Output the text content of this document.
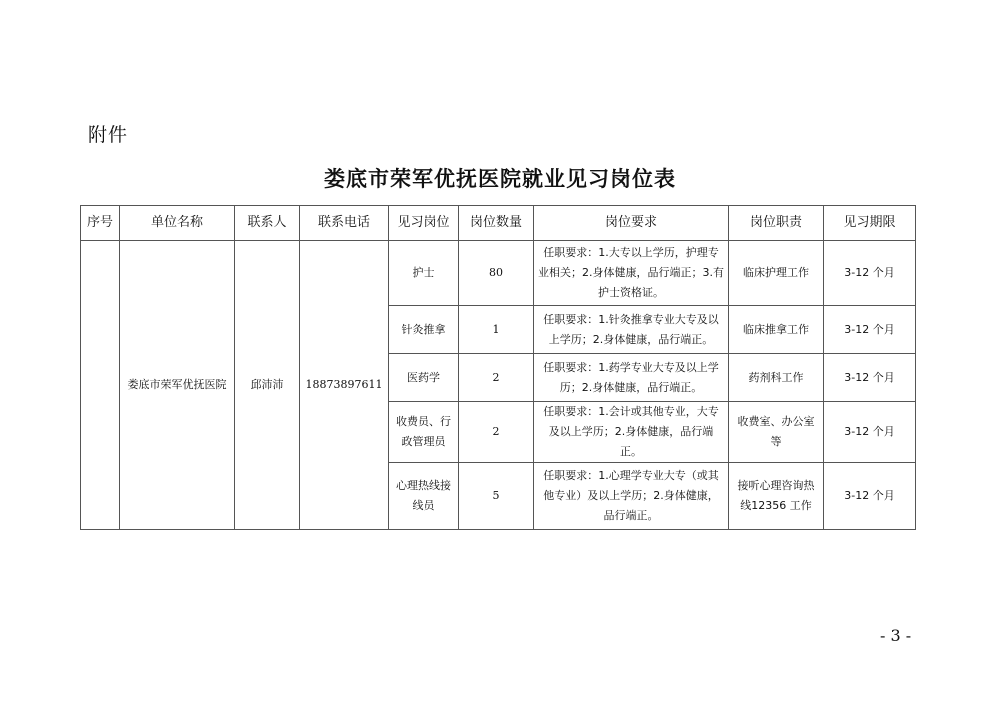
附件
娄底市荣军优抚医院就业见习岗位表
序号	单位名称	联系人	联系电话	见习岗位	岗位数量	岗位要求	岗位职责	见习期限
	娄底市荣军优抚医院	邱沛沛	18873897611	护士	80	任职要求：1.大专以上学历，护理专业相关；2.身体健康，品行端正；3.有护士资格证。	临床护理工作	3-12 个月
				针灸推拿	1	任职要求：1.针灸推拿专业大专及以上学历；2.身体健康，品行端正。	临床推拿工作	3-12 个月
				医药学	2	任职要求：1.药学专业大专及以上学历；2.身体健康，品行端正。	药剂科工作	3-12 个月
				收费员、行政管理员	2	任职要求：1.会计或其他专业，大专及以上学历；2.身体健康，品行端正。	收费室、办公室等	3-12 个月
				心理热线接线员	5	任职要求：1.心理学专业大专（或其他专业）及以上学历；2.身体健康，品行端正。	接听心理咨询热线12356 工作	3-12 个月
- 3 -
